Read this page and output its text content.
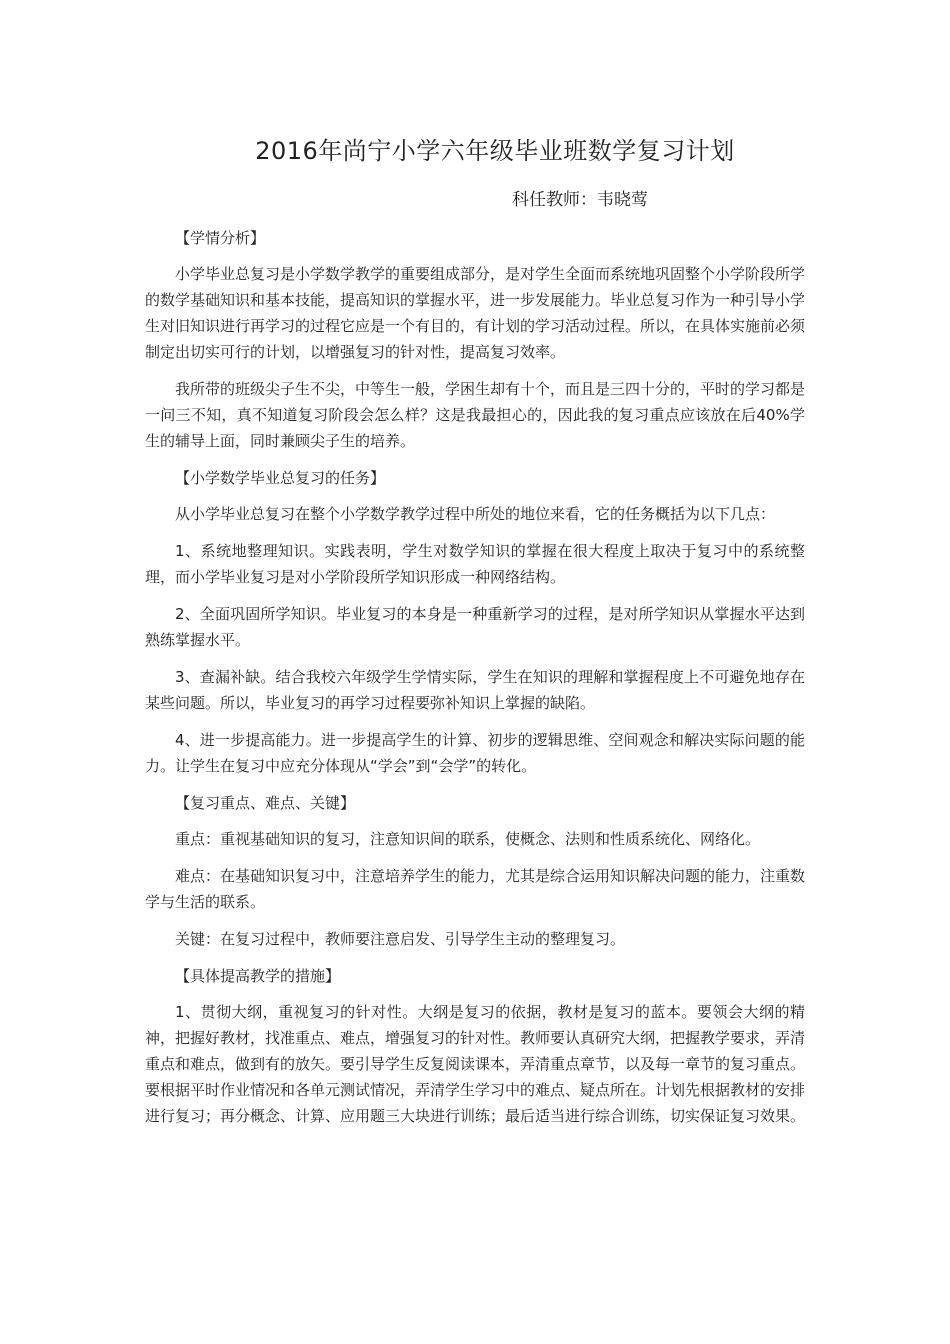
2016年尚宁小学六年级毕业班数学复习计划
科任教师：韦晓莺

【学情分析】

小学毕业总复习是小学数学教学的重要组成部分，是对学生全面而系统地巩固整个小学阶段所学的数学基础知识和基本技能，提高知识的掌握水平，进一步发展能力。毕业总复习作为一种引导小学生对旧知识进行再学习的过程它应是一个有目的，有计划的学习活动过程。所以，在具体实施前必须制定出切实可行的计划，以增强复习的针对性，提高复习效率。

我所带的班级尖子生不尖，中等生一般，学困生却有十个，而且是三四十分的，平时的学习都是一问三不知，真不知道复习阶段会怎么样？这是我最担心的，因此我的复习重点应该放在后40%学生的辅导上面，同时兼顾尖子生的培养。

【小学数学毕业总复习的任务】

从小学毕业总复习在整个小学数学教学过程中所处的地位来看，它的任务概括为以下几点：

1、系统地整理知识。实践表明，学生对数学知识的掌握在很大程度上取决于复习中的系统整理，而小学毕业复习是对小学阶段所学知识形成一种网络结构。

2、全面巩固所学知识。毕业复习的本身是一种重新学习的过程，是对所学知识从掌握水平达到熟练掌握水平。

3、查漏补缺。结合我校六年级学生学情实际，学生在知识的理解和掌握程度上不可避免地存在某些问题。所以，毕业复习的再学习过程要弥补知识上掌握的缺陷。

4、进一步提高能力。进一步提高学生的计算、初步的逻辑思维、空间观念和解决实际问题的能力。让学生在复习中应充分体现从“学会”到“会学”的转化。

【复习重点、难点、关键】

重点：重视基础知识的复习，注意知识间的联系，使概念、法则和性质系统化、网络化。

难点：在基础知识复习中，注意培养学生的能力，尤其是综合运用知识解决问题的能力，注重数学与生活的联系。

关键：在复习过程中，教师要注意启发、引导学生主动的整理复习。

【具体提高教学的措施】

1、贯彻大纲，重视复习的针对性。大纲是复习的依据，教材是复习的蓝本。要领会大纲的精神，把握好教材，找准重点、难点，增强复习的针对性。教师要认真研究大纲，把握教学要求，弄清重点和难点，做到有的放矢。要引导学生反复阅读课本，弄清重点章节，以及每一章节的复习重点。要根据平时作业情况和各单元测试情况，弄清学生学习中的难点、疑点所在。计划先根据教材的安排进行复习；再分概念、计算、应用题三大块进行训练；最后适当进行综合训练，切实保证复习效果。
